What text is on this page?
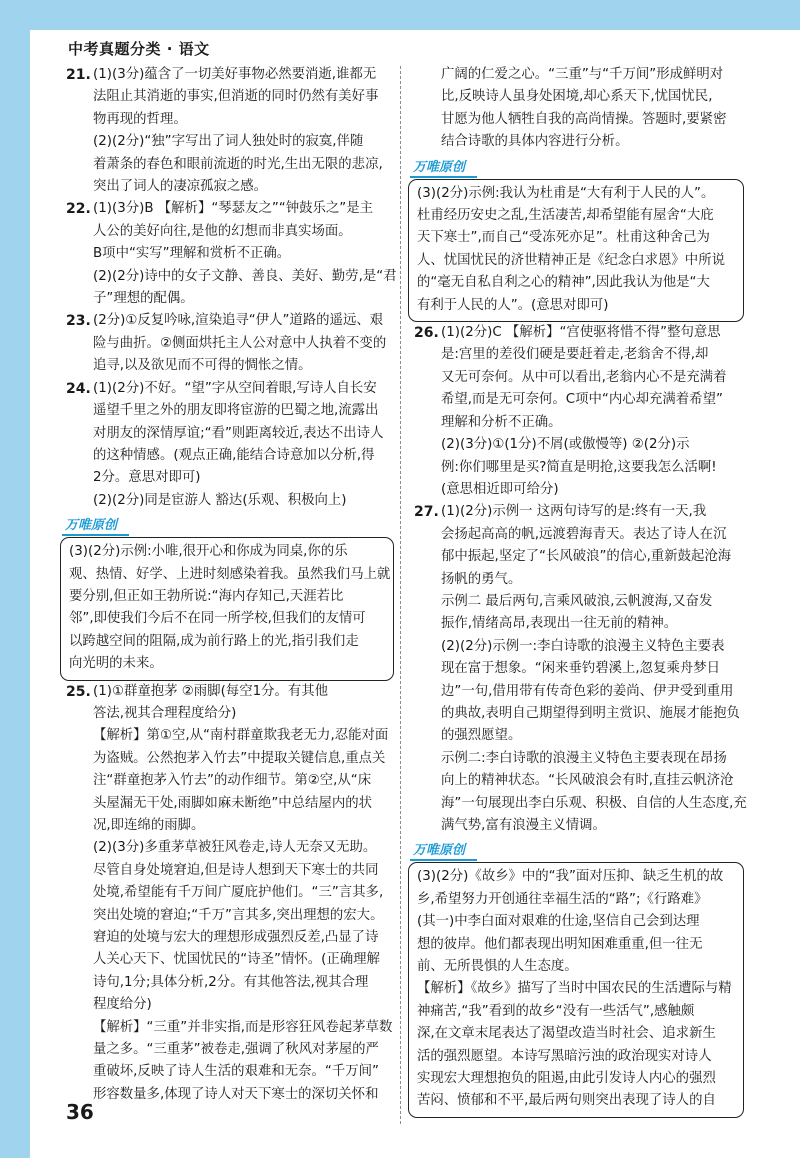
中考真题分类 · 语文
21. (1)(3分)蕴含了一切美好事物必然要消逝,谁都无
法阻止其消逝的事实,但消逝的同时仍然有美好事
物再现的哲理。
(2)(2分)“独”字写出了词人独处时的寂寞,伴随
着萧条的春色和眼前流逝的时光,生出无限的悲凉,
突出了词人的凄凉孤寂之感。
22. (1)(3分)B 【解析】“琴瑟友之”“钟鼓乐之”是主
人公的美好向往,是他的幻想而非真实场面。
B项中“实写”理解和赏析不正确。
(2)(2分)诗中的女子文静、善良、美好、勤劳,是“君
子”理想的配偶。
23. (2分)①反复吟咏,渲染追寻“伊人”道路的遥远、艰
险与曲折。②侧面烘托主人公对意中人执着不变的
追寻,以及欲见而不可得的惆怅之情。
24. (1)(2分)不好。“望”字从空间着眼,写诗人自长安
遥望千里之外的朋友即将宦游的巴蜀之地,流露出
对朋友的深情厚谊;“看”则距离较近,表达不出诗人
的这种情感。(观点正确,能结合诗意加以分析,得
2分。意思对即可)
(2)(2分)同是宦游人 豁达(乐观、积极向上)
万唯原创
(3)(2分)示例:小唯,很开心和你成为同桌,你的乐
观、热情、好学、上进时刻感染着我。虽然我们马上就
要分别,但正如王勃所说:“海内存知己,天涯若比
邻”,即使我们今后不在同一所学校,但我们的友情可
以跨越空间的阻隔,成为前行路上的光,指引我们走
向光明的未来。
25. (1)①群童抱茅 ②雨脚(每空1分。有其他
答法,视其合理程度给分)
【解析】第①空,从“南村群童欺我老无力,忍能对面
为盗贼。公然抱茅入竹去”中提取关键信息,重点关
注“群童抱茅入竹去”的动作细节。第②空,从“床
头屋漏无干处,雨脚如麻未断绝”中总结屋内的状
况,即连绵的雨脚。
(2)(3分)多重茅草被狂风卷走,诗人无奈又无助。
尽管自身处境窘迫,但是诗人想到天下寒士的共同
处境,希望能有千万间广厦庇护他们。“三”言其多,
突出处境的窘迫;“千万”言其多,突出理想的宏大。
窘迫的处境与宏大的理想形成强烈反差,凸显了诗
人关心天下、忧国忧民的“诗圣”情怀。(正确理解
诗句,1分;具体分析,2分。有其他答法,视其合理
程度给分)
【解析】“三重”并非实指,而是形容狂风卷起茅草数
量之多。“三重茅”被卷走,强调了秋风对茅屋的严
重破坏,反映了诗人生活的艰难和无奈。“千万间”
形容数量多,体现了诗人对天下寒士的深切关怀和
广阔的仁爱之心。“三重”与“千万间”形成鲜明对
比,反映诗人虽身处困境,却心系天下,忧国忧民,
甘愿为他人牺牲自我的高尚情操。答题时,要紧密
结合诗歌的具体内容进行分析。
万唯原创
(3)(2分)示例:我认为杜甫是“大有利于人民的人”。
杜甫经历安史之乱,生活凄苦,却希望能有屋舍“大庇
天下寒士”,而自己“受冻死亦足”。杜甫这种舍己为
人、忧国忧民的济世精神正是《纪念白求恩》中所说
的“毫无自私自利之心的精神”,因此我认为他是“大
有利于人民的人”。(意思对即可)
26. (1)(2分)C 【解析】“宫使驱将惜不得”整句意思
是:宫里的差役们硬是要赶着走,老翁舍不得,却
又无可奈何。从中可以看出,老翁内心不是充满着
希望,而是无可奈何。C项中“内心却充满着希望”
理解和分析不正确。
(2)(3分)①(1分)不屑(或傲慢等) ②(2分)示
例:你们哪里是买?简直是明抢,这要我怎么活啊!
(意思相近即可给分)
27. (1)(2分)示例一 这两句诗写的是:终有一天,我
会扬起高高的帆,远渡碧海青天。表达了诗人在沉
郁中振起,坚定了“长风破浪”的信心,重新鼓起沧海
扬帆的勇气。
示例二 最后两句,言乘风破浪,云帆渡海,又奋发
振作,情绪高昂,表现出一往无前的精神。
(2)(2分)示例一:李白诗歌的浪漫主义特色主要表
现在富于想象。“闲来垂钓碧溪上,忽复乘舟梦日
边”一句,借用带有传奇色彩的姜尚、伊尹受到重用
的典故,表明自己期望得到明主赏识、施展才能抱负
的强烈愿望。
示例二:李白诗歌的浪漫主义特色主要表现在昂扬
向上的精神状态。“长风破浪会有时,直挂云帆济沧
海”一句展现出李白乐观、积极、自信的人生态度,充
满气势,富有浪漫主义情调。
万唯原创
(3)(2分)《故乡》中的“我”面对压抑、缺乏生机的故
乡,希望努力开创通往幸福生活的“路”;《行路难》
(其一)中李白面对艰难的仕途,坚信自己会到达理
想的彼岸。他们都表现出明知困难重重,但一往无
前、无所畏惧的人生态度。
【解析】《故乡》描写了当时中国农民的生活遭际与精
神痛苦,“我”看到的故乡“没有一些活气”,感触颇
深,在文章末尾表达了渴望改造当时社会、追求新生
活的强烈愿望。本诗写黑暗污浊的政治现实对诗人
实现宏大理想抱负的阻遏,由此引发诗人内心的强烈
苦闷、愤郁和不平,最后两句则突出表现了诗人的自
36
